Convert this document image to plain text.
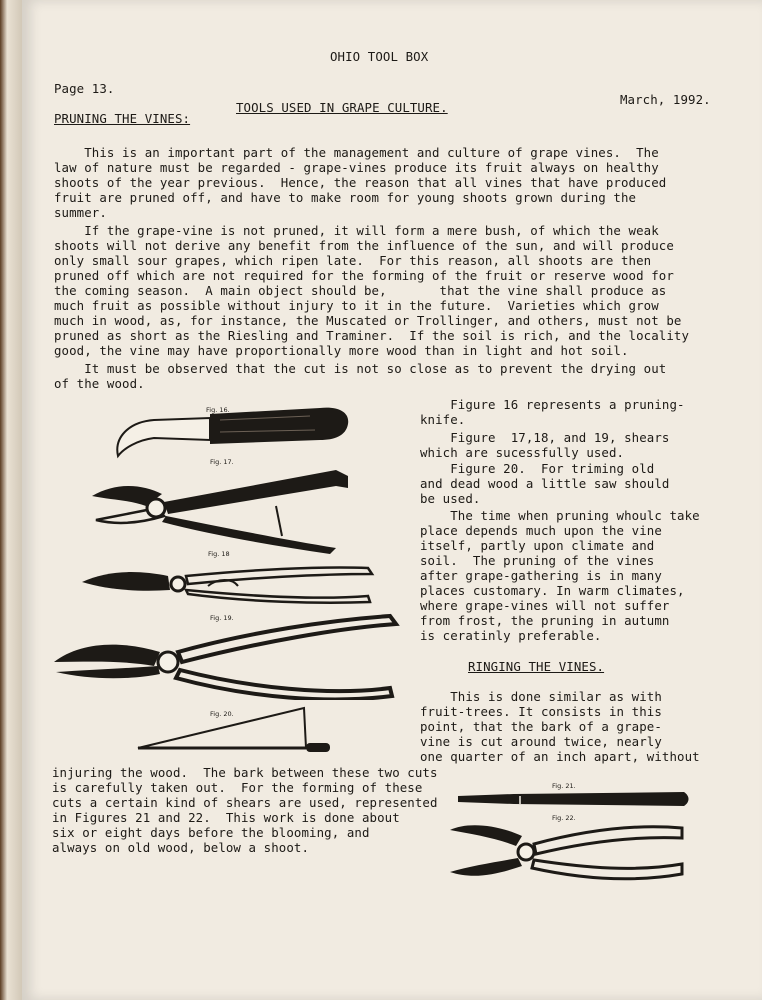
OHIO TOOL BOX
Page 13.
March, 1992.
TOOLS USED IN GRAPE CULTURE.
PRUNING THE VINES:
This is an important part of the management and culture of grape vines.  The
law of nature must be regarded - grape-vines produce its fruit always on healthy
shoots of the year previous.  Hence, the reason that all vines that have produced
fruit are pruned off, and have to make room for young shoots grown during the
summer.
If the grape-vine is not pruned, it will form a mere bush, of which the weak
shoots will not derive any benefit from the influence of the sun, and will produce
only small sour grapes, which ripen late.  For this reason, all shoots are then
pruned off which are not required for the forming of the fruit or reserve wood for
the coming season.  A main object should be,       that the vine shall produce as
much fruit as possible without injury to it in the future.  Varieties which grow
much in wood, as, for instance, the Muscated or Trollinger, and others, must not be
pruned as short as the Riesling and Traminer.  If the soil is rich, and the locality
good, the vine may have proportionally more wood than in light and hot soil.
It must be observed that the cut is not so close as to prevent the drying out
of the wood.
Fig. 16.
Fig. 17.
Fig. 18
Fig. 19.
Fig. 20.
Figure 16 represents a pruning-
knife.
Figure  17,18, and 19, shears
which are sucessfully used.
Figure 20.  For triming old
and dead wood a little saw should
be used.
The time when pruning whoulc take
place depends much upon the vine
itself, partly upon climate and
soil.  The pruning of the vines
after grape-gathering is in many
places customary. In warm climates,
where grape-vines will not suffer
from frost, the pruning in autumn
is ceratinly preferable.
RINGING THE VINES.
This is done similar as with
fruit-trees. It consists in this
point, that the bark of a grape-
vine is cut around twice, nearly
one quarter of an inch apart, without
injuring the wood.  The bark between these two cuts
is carefully taken out.  For the forming of these
cuts a certain kind of shears are used, represented
in Figures 21 and 22.  This work is done about
six or eight days before the blooming, and
always on old wood, below a shoot.
Fig. 21.
Fig. 22.
